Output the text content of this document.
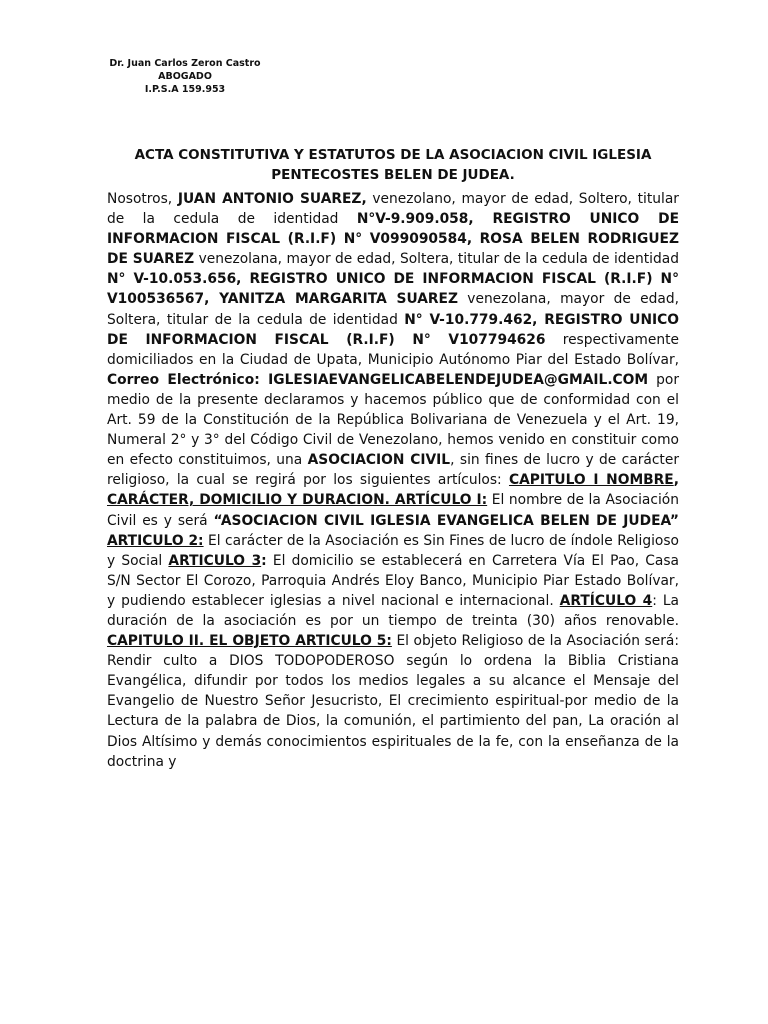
Dr. Juan Carlos Zeron Castro
ABOGADO
I.P.S.A 159.953
ACTA CONSTITUTIVA Y ESTATUTOS DE LA ASOCIACION CIVIL IGLESIA
PENTECOSTES BELEN DE JUDEA.

Nosotros, JUAN ANTONIO SUAREZ, venezolano, mayor de edad, Soltero, titular de la cedula de identidad N°V-9.909.058, REGISTRO UNICO DE INFORMACION FISCAL (R.I.F) N° V099090584, ROSA BELEN RODRIGUEZ DE SUAREZ venezolana, mayor de edad, Soltera, titular de la cedula de identidad N° V-10.053.656, REGISTRO UNICO DE INFORMACION FISCAL (R.I.F) N° V100536567, YANITZA MARGARITA SUAREZ venezolana, mayor de edad, Soltera, titular de la cedula de identidad N° V-10.779.462, REGISTRO UNICO DE INFORMACION FISCAL (R.I.F) N° V107794626 respectivamente domiciliados en la Ciudad de Upata, Municipio Autónomo Piar del Estado Bolívar, Correo Electrónico: IGLESIAEVANGELICABELENDEJUDEA@GMAIL.COM por medio de la presente declaramos y hacemos público que de conformidad con el Art. 59 de la Constitución de la República Bolivariana de Venezuela y el Art. 19, Numeral 2° y 3° del Código Civil de Venezolano, hemos venido en constituir como en efecto constituimos, una ASOCIACION CIVIL, sin fines de lucro y de carácter religioso, la cual se regirá por los siguientes artículos: CAPITULO I NOMBRE, CARÁCTER, DOMICILIO Y DURACION. ARTÍCULO I: El nombre de la Asociación Civil es y será “ASOCIACION CIVIL IGLESIA EVANGELICA BELEN DE JUDEA” ARTICULO 2: El carácter de la Asociación es Sin Fines de lucro de índole Religioso y Social ARTICULO 3: El domicilio se establecerá en Carretera Vía El Pao, Casa S/N Sector El Corozo, Parroquia Andrés Eloy Banco, Municipio Piar Estado Bolívar, y pudiendo establecer iglesias a nivel nacional e internacional. ARTÍCULO 4: La duración de la asociación es por un tiempo de treinta (30) años renovable. CAPITULO II. EL OBJETO ARTICULO 5: El objeto Religioso de la Asociación será: Rendir culto a DIOS TODOPODEROSO según lo ordena la Biblia Cristiana Evangélica, difundir por todos los medios legales a su alcance el Mensaje del Evangelio de Nuestro Señor Jesucristo, El crecimiento espiritual-por medio de la Lectura de la palabra de Dios, la comunión, el partimiento del pan, La oración al Dios Altísimo y demás conocimientos espirituales de la fe, con la enseñanza de la doctrina y
